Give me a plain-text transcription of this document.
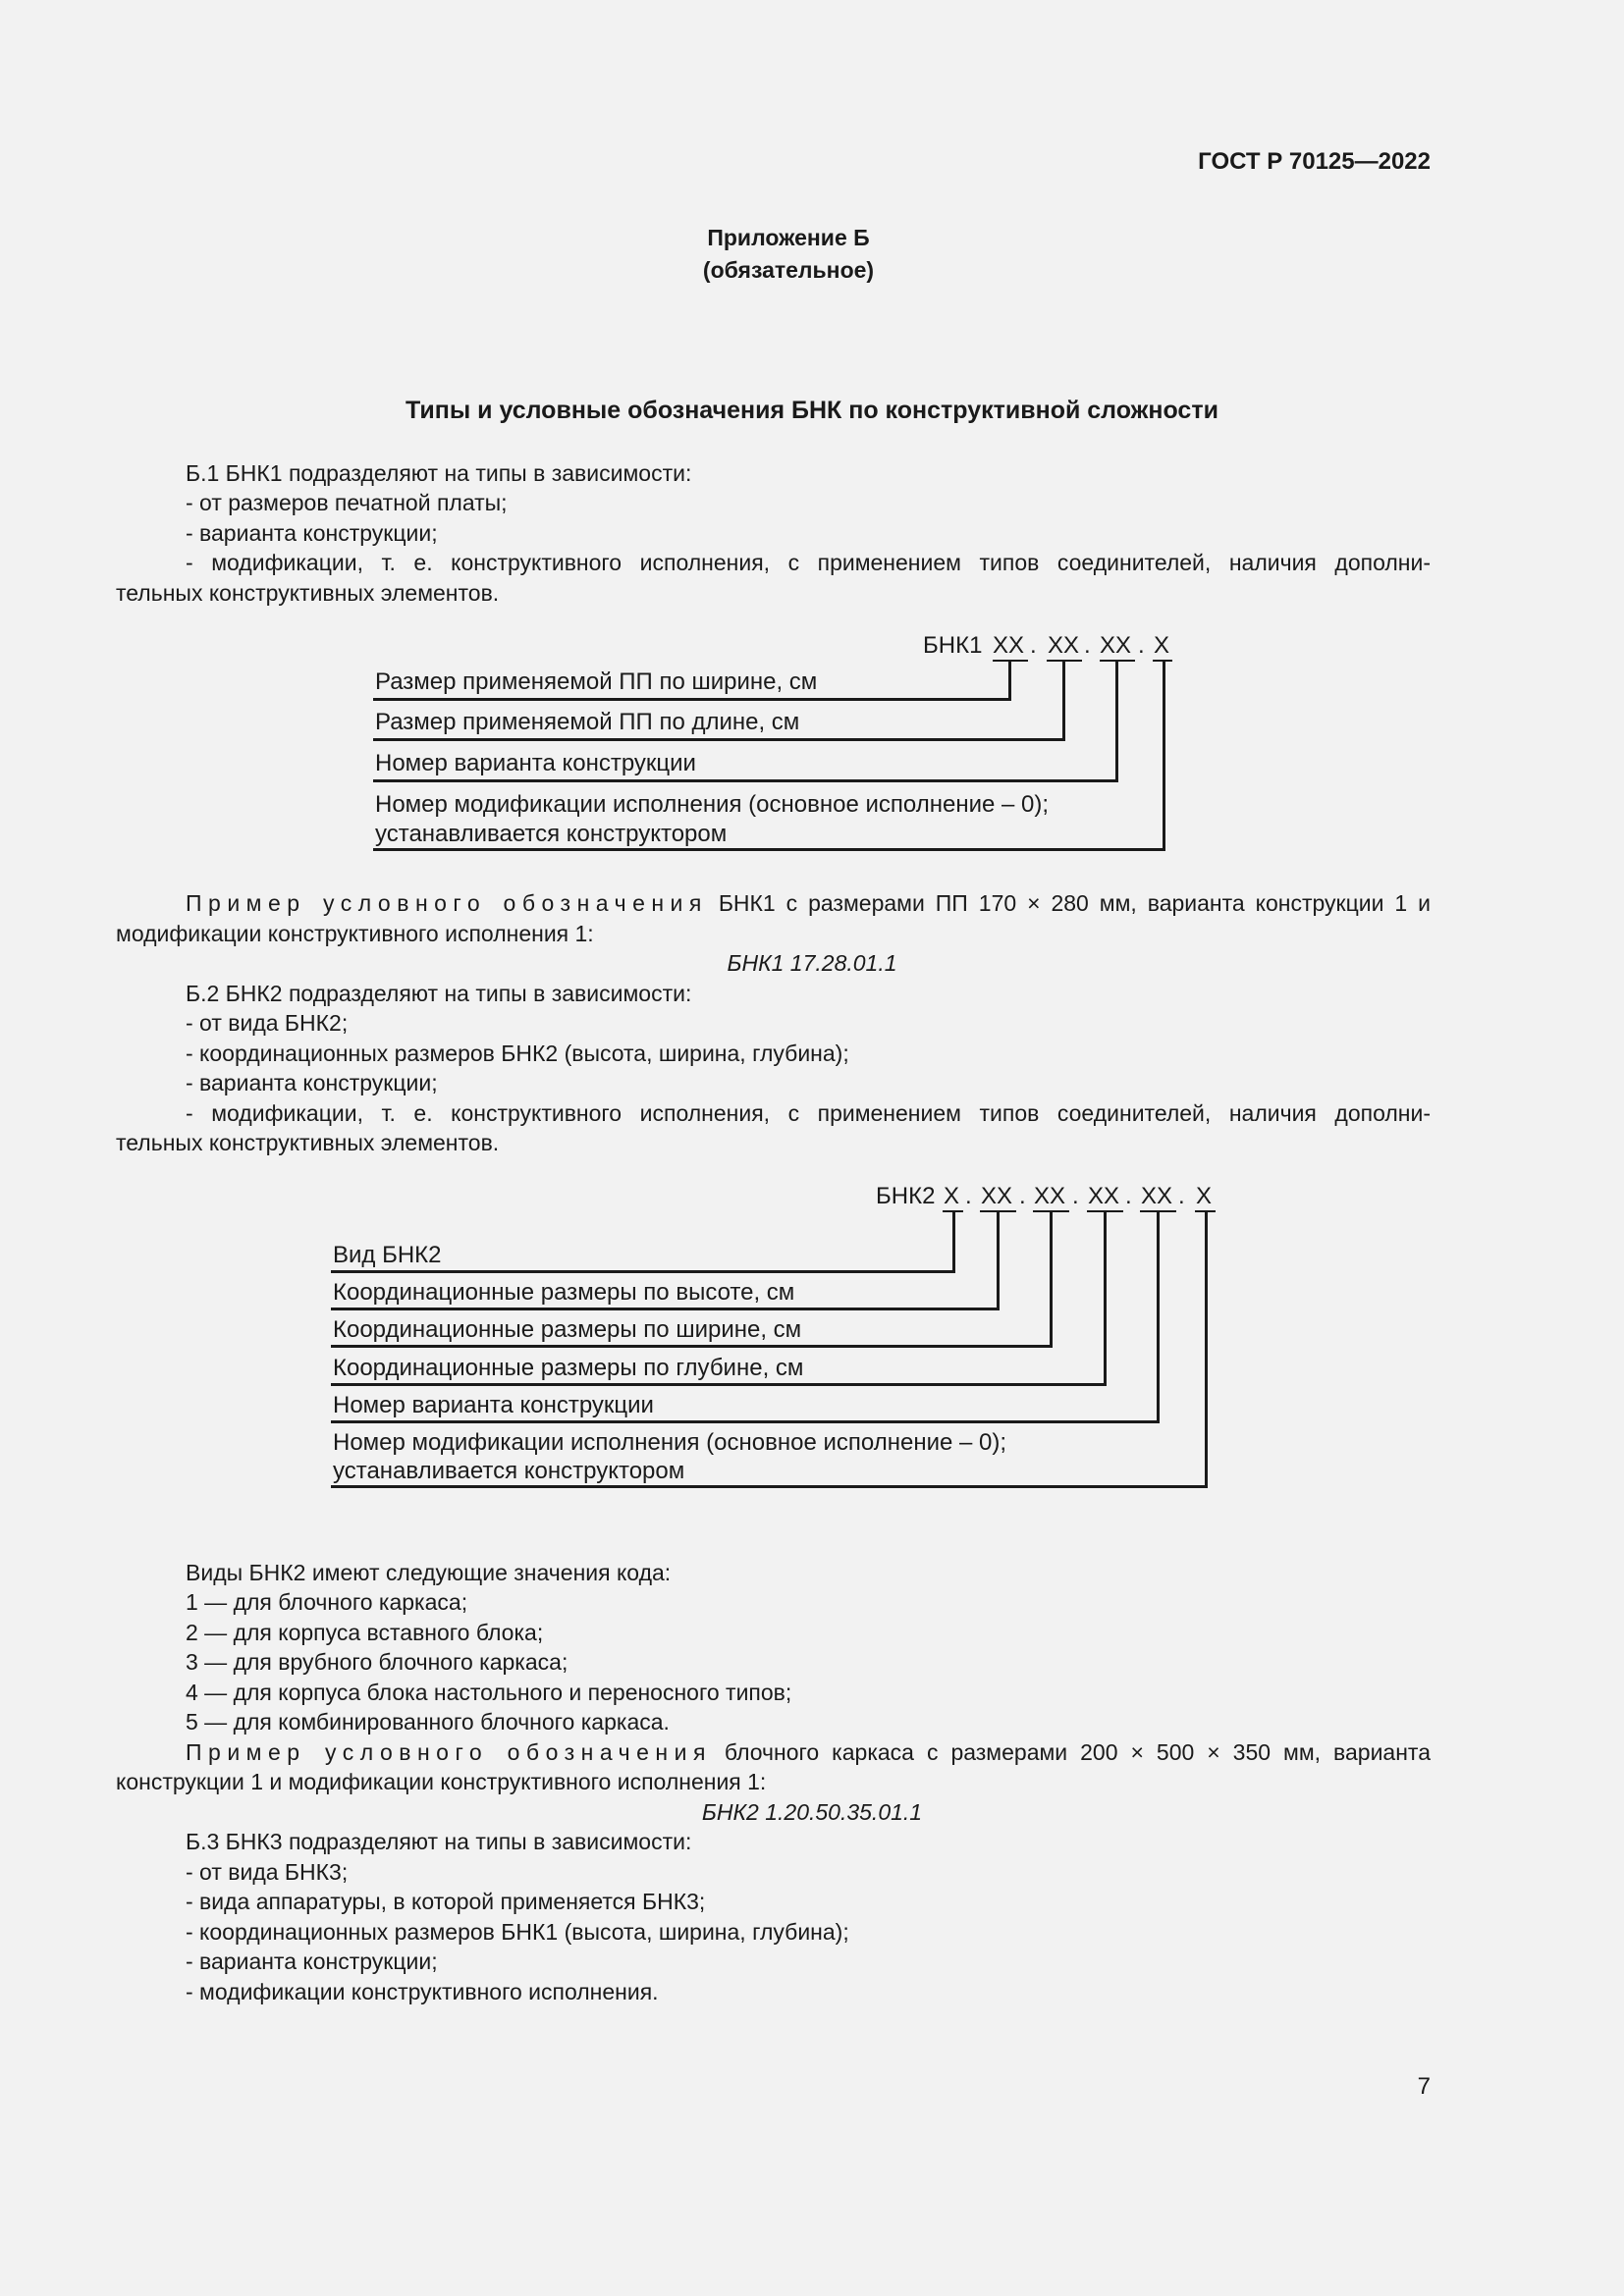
ГОСТ Р 70125—2022
Приложение Б
(обязательное)
Типы и условные обозначения БНК по конструктивной сложности
Б.1 БНК1 подразделяют на типы в зависимости:
- от размеров печатной платы;
- варианта конструкции;
- модификации, т. е. конструктивного исполнения, с применением типов соединителей, наличия дополни-
тельных конструктивных элементов.
БНК1 XX . XX . XX . X
Размер применяемой ПП по ширине, см
Размер применяемой ПП по длине, см
Номер варианта конструкции
Номер модификации исполнения (основное исполнение – 0);
устанавливается конструктором
Пример условного обозначения БНК1 с размерами ПП 170 × 280 мм, варианта конструкции 1 и
модификации конструктивного исполнения 1:
БНК1 17.28.01.1
Б.2 БНК2 подразделяют на типы в зависимости:
- от вида БНК2;
- координационных размеров БНК2 (высота, ширина, глубина);
- варианта конструкции;
- модификации, т. е. конструктивного исполнения, с применением типов соединителей, наличия дополни-
тельных конструктивных элементов.
БНК2 X . XX . XX . XX . XX . X
Вид БНК2
Координационные размеры по высоте, см
Координационные размеры по ширине, см
Координационные размеры по глубине, см
Номер варианта конструкции
Номер модификации исполнения (основное исполнение – 0);
устанавливается конструктором
Виды БНК2 имеют следующие значения кода:
1 — для блочного каркаса;
2 — для корпуса вставного блока;
3 — для врубного блочного каркаса;
4 — для корпуса блока настольного и переносного типов;
5 — для комбинированного блочного каркаса.
Пример условного обозначения блочного каркаса с размерами 200 × 500 × 350 мм, варианта
конструкции 1 и модификации конструктивного исполнения 1:
БНК2 1.20.50.35.01.1
Б.3 БНК3 подразделяют на типы в зависимости:
- от вида БНК3;
- вида аппаратуры, в которой применяется БНК3;
- координационных размеров БНК1 (высота, ширина, глубина);
- варианта конструкции;
- модификации конструктивного исполнения.
7
